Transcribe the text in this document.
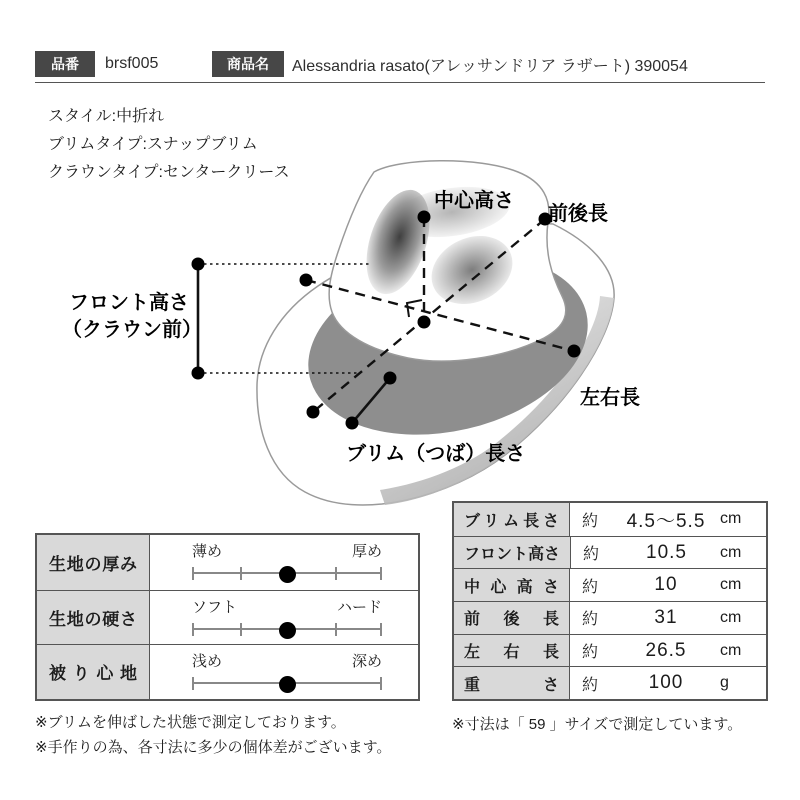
品番	brsf005	商品名	Alessandria rasato(アレッサンドリア ラザート) 390054
スタイル:中折れ
ブリムタイプ:スナップブリム
クラウンタイプ:センタークリース
中心高さ
前後長
フロント高さ
（クラウン前）
左右長
ブリム（つば）長さ
生地の厚み
薄め	厚め
生地の硬さ
ソフト	ハード
被り心地
浅め	深め
ブリム長さ	約	4.5～5.5 cm
フロント高さ	約	10.5	cm
中心高さ	約	10	cm
前後長	約	31	cm
左右長	約	26.5	cm
重さ	約	100	g
※ブリムを伸ばした状態で測定しております。
※手作りの為、各寸法に多少の個体差がございます。
※寸法は「 59 」サイズで測定しています。
